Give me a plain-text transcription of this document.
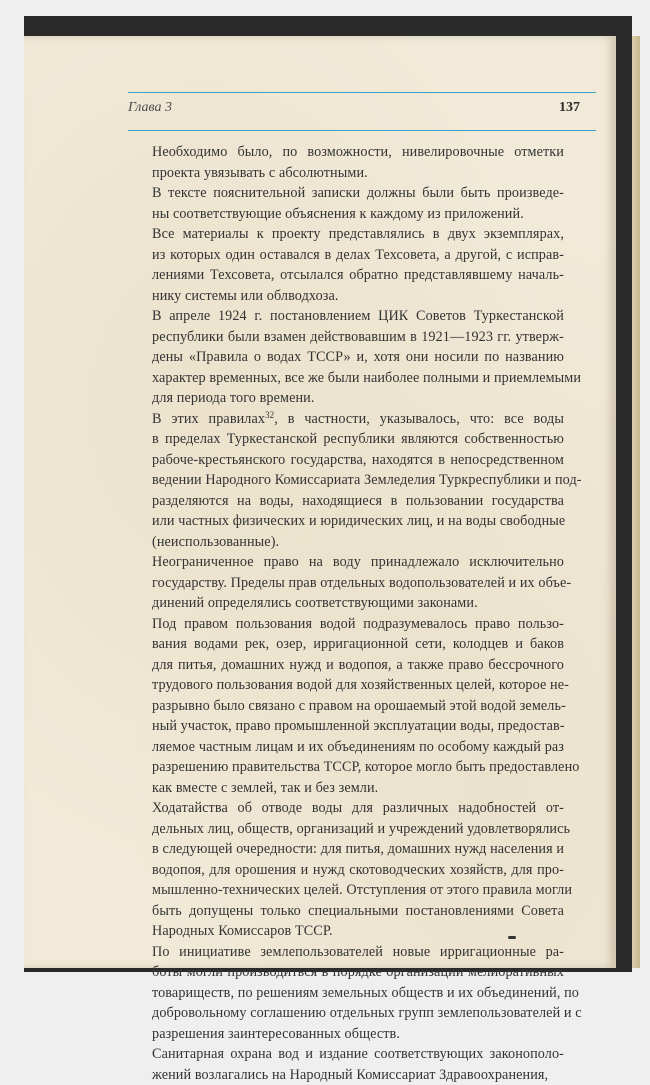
Глава 3	137

Необходимо было, по возможности, нивелировочные отметки
проекта увязывать с абсолютными.

В тексте пояснительной записки должны были быть произведе-
ны соответствующие объяснения к каждому из приложений.

Все материалы к проекту представлялись в двух экземплярах,
из которых один оставался в делах Техсовета, а другой, с исправ-
лениями Техсовета, отсылался обратно представлявшему началь-
нику системы или облводхоза.

В апреле 1924 г. постановлением ЦИК Советов Туркестанской
республики были взамен действовавшим в 1921—1923 гг. утверж-
дены «Правила о водах ТССР» и, хотя они носили по названию
характер временных, все же были наиболее полными и приемлемыми
для периода того времени.

В этих правилах$^{32}$, в частности, указывалось, что: все воды
в пределах Туркестанской республики являются собственностью
рабоче-крестьянского государства, находятся в непосредственном
ведении Народного Комиссариата Земледелия Туркреспублики и под-
разделяются на воды, находящиеся в пользовании государства
или частных физических и юридических лиц, и на воды свободные
(неиспользованные).

Неограниченное право на воду принадлежало исключительно
государству. Пределы прав отдельных водопользователей и их объе-
динений определялись соответствующими законами.

Под правом пользования водой подразумевалось право пользо-
вания водами рек, озер, ирригационной сети, колодцев и баков
для питья, домашних нужд и водопоя, а также право бессрочного
трудового пользования водой для хозяйственных целей, которое не-
разрывно было связано с правом на орошаемый этой водой земель-
ный участок, право промышленной эксплуатации воды, предостав-
ляемое частным лицам и их объединениям по особому каждый раз
разрешению правительства ТССР, которое могло быть предоставлено
как вместе с землей, так и без земли.

Ходатайства об отводе воды для различных надобностей от-
дельных лиц, обществ, организаций и учреждений удовлетворялись
в следующей очередности: для питья, домашних нужд населения и
водопоя, для орошения и нужд скотоводческих хозяйств, для про-
мышленно-технических целей. Отступления от этого правила могли
быть допущены только специальными постановлениями Совета
Народных Комиссаров ТССР.

По инициативе землепользователей новые ирригационные ра-
боты могли производиться в порядке организации мелиоративных
товариществ, по решениям земельных обществ и их объединений, по
добровольному соглашению отдельных групп землепользователей и с
разрешения заинтересованных обществ.

Санитарная охрана вод и издание соответствующих законополо-
жений возлагались на Народный Комиссариат Здравоохранения,
